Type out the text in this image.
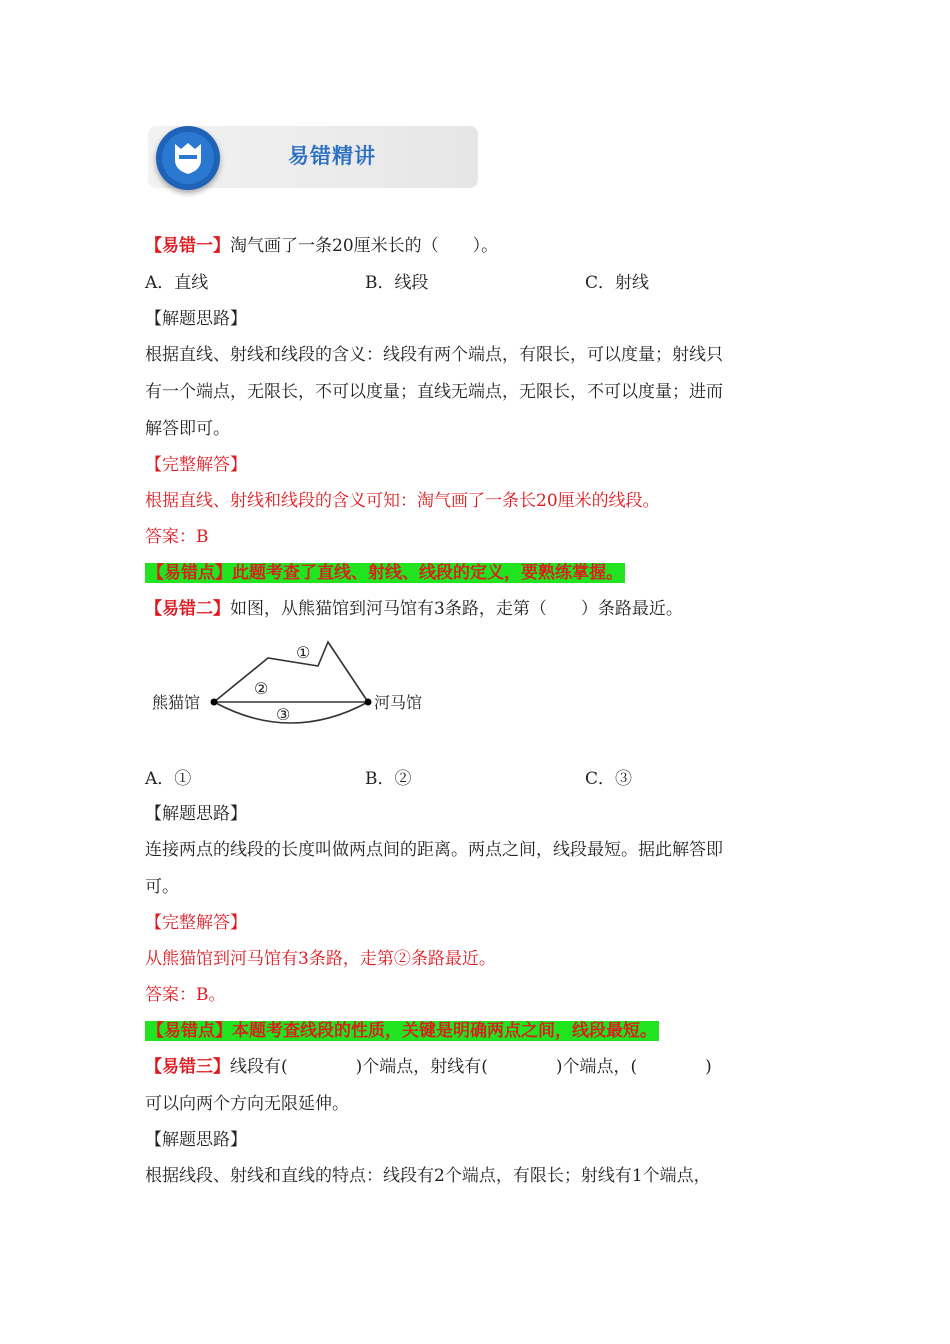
易错精讲
【易错一】淘气画了一条20厘米长的（　　）。
A．直线	B．线段	C．射线
【解题思路】
根据直线、射线和线段的含义：线段有两个端点，有限长，可以度量；射线只
有一个端点，无限长，不可以度量；直线无端点，无限长，不可以度量；进而
解答即可。
【完整解答】
根据直线、射线和线段的含义可知：淘气画了一条长20厘米的线段。
答案：B
【易错点】此题考查了直线、射线、线段的定义，要熟练掌握。
【易错二】如图，从熊猫馆到河马馆有3条路，走第（　　）条路最近。
熊猫馆	河马馆
①
②
③
A．①	B．②	C．③
【解题思路】
连接两点的线段的长度叫做两点间的距离。两点之间，线段最短。据此解答即
可。
【完整解答】
从熊猫馆到河马馆有3条路，走第②条路最近。
答案：B。
【易错点】本题考查线段的性质，关键是明确两点之间，线段最短。
【易错三】线段有(　　　　)个端点，射线有(　　　　)个端点，(　　　　)
可以向两个方向无限延伸。
【解题思路】
根据线段、射线和直线的特点：线段有2个端点，有限长；射线有1个端点，
